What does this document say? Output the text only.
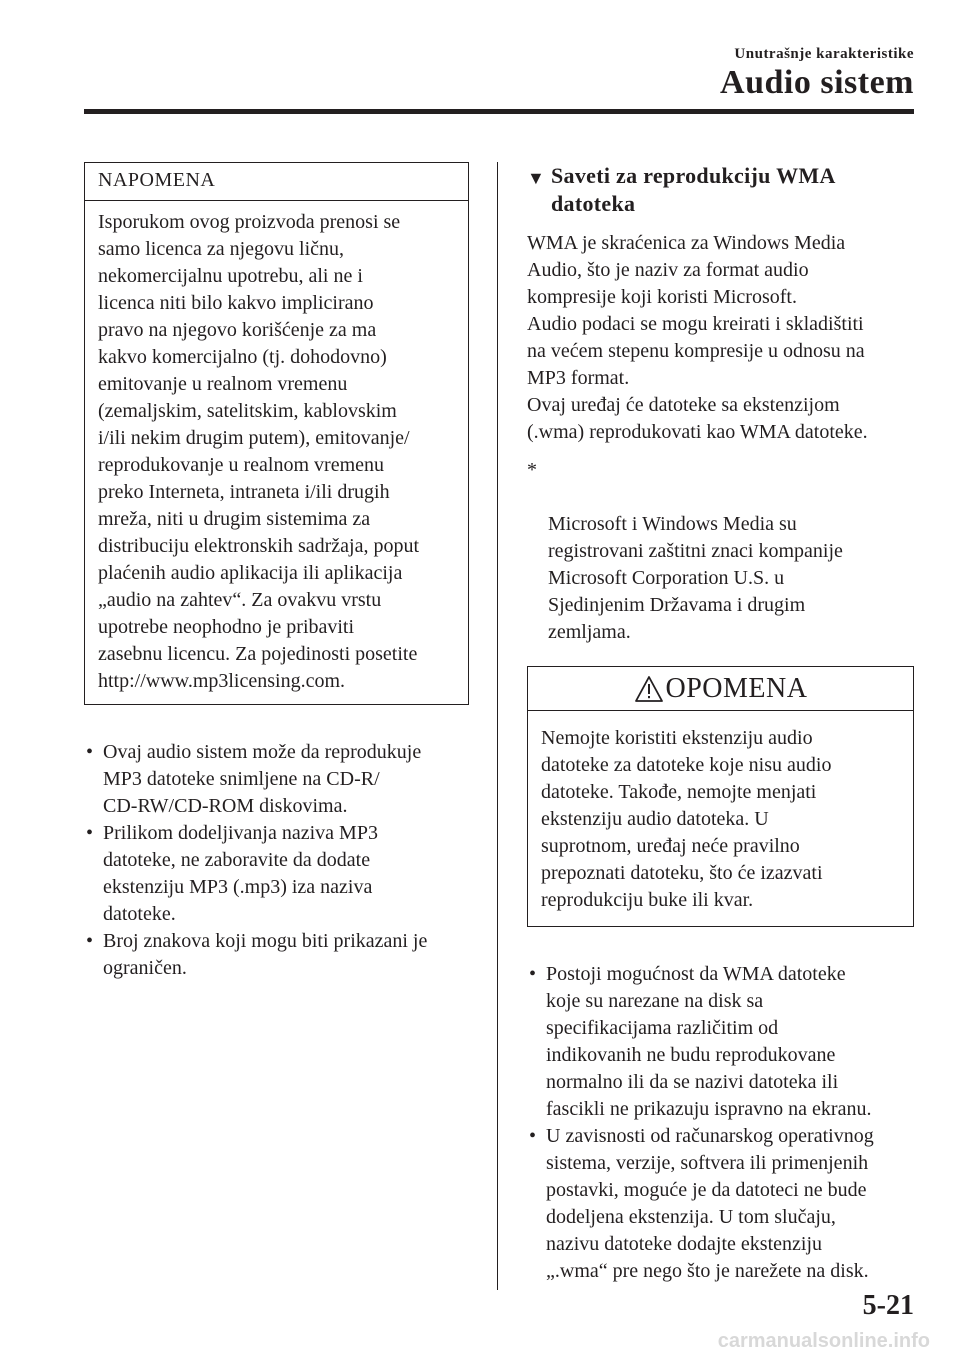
Unutrašnje karakteristike
Audio sistem
NAPOMENA
Isporukom ovog proizvoda prenosi se
samo licenca za njegovu ličnu,
nekomercijalnu upotrebu, ali ne i
licenca niti bilo kakvo implicirano
pravo na njegovo korišćenje za ma
kakvo komercijalno (tj. dohodovno)
emitovanje u realnom vremenu
(zemaljskim, satelitskim, kablovskim
i/ili nekim drugim putem), emitovanje/
reprodukovanje u realnom vremenu
preko Interneta, intraneta i/ili drugih
mreža, niti u drugim sistemima za
distribuciju elektronskih sadržaja, poput
plaćenih audio aplikacija ili aplikacija
„audio na zahtev“. Za ovakvu vrstu
upotrebe neophodno je pribaviti
zasebnu licencu. Za pojedinosti posetite
http://www.mp3licensing.com.
• Ovaj audio sistem može da reprodukuje
MP3 datoteke snimljene na CD-R/
CD-RW/CD-ROM diskovima.
• Prilikom dodeljivanja naziva MP3
datoteke, ne zaboravite da dodate
ekstenziju MP3 (.mp3) iza naziva
datoteke.
• Broj znakova koji mogu biti prikazani je
ograničen.
▼ Saveti za reprodukciju WMA
datoteka
WMA je skraćenica za Windows Media
Audio, što je naziv za format audio
kompresije koji koristi Microsoft.
Audio podaci se mogu kreirati i skladištiti
na većem stepenu kompresije u odnosu na
MP3 format.
Ovaj uređaj će datoteke sa ekstenzijom
(.wma) reprodukovati kao WMA datoteke.

*

Microsoft i Windows Media su
registrovani zaštitni znaci kompanije
Microsoft Corporation U.S. u
Sjedinjenim Državama i drugim
zemljama.

OPOMENA
Nemojte koristiti ekstenziju audio
datoteke za datoteke koje nisu audio
datoteke. Takođe, nemojte menjati
ekstenziju audio datoteka. U
suprotnom, uređaj neće pravilno
prepoznati datoteku, što će izazvati
reprodukciju buke ili kvar.
• Postoji mogućnost da WMA datoteke
koje su narezane na disk sa
specifikacijama različitim od
indikovanih ne budu reprodukovane
normalno ili da se nazivi datoteka ili
fascikli ne prikazuju ispravno na ekranu.
• U zavisnosti od računarskog operativnog
sistema, verzije, softvera ili primenjenih
postavki, moguće je da datoteci ne bude
dodeljena ekstenzija. U tom slučaju,
nazivu datoteke dodajte ekstenziju
„.wma“ pre nego što je narežete na disk.
5-21
carmanualsonline.info
